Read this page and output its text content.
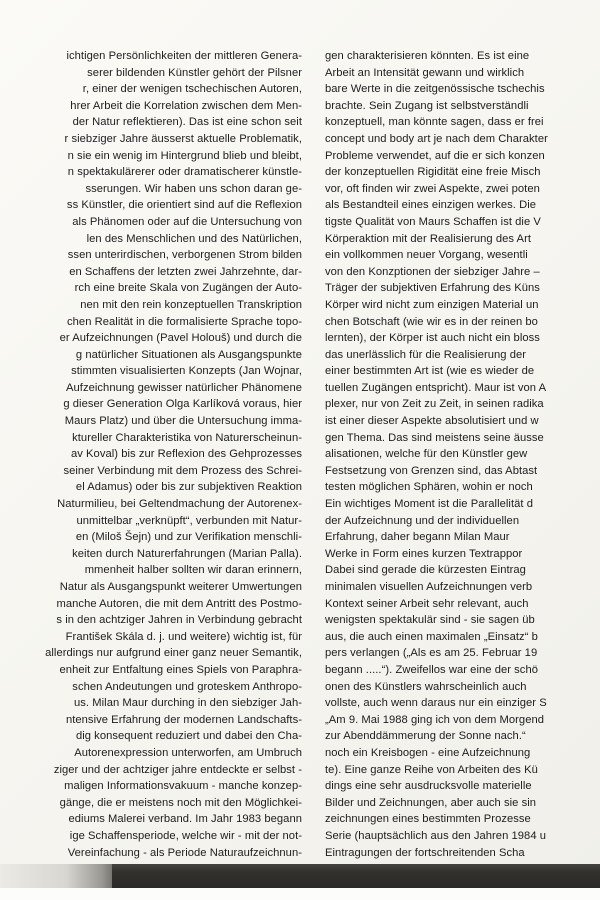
ichtigen Persönlichkeiten der mittleren Genera-
serer bildenden Künstler gehört der Pilsner
r, einer der wenigen tschechischen Autoren,
hrer Arbeit die Korrelation zwischen dem Men-
der Natur reflektieren). Das ist eine schon seit
r siebziger Jahre äusserst aktuelle Problematik,
n sie ein wenig im Hintergrund blieb und bleibt,
n spektakulärerer oder dramatischerer künstle-
sserungen. Wir haben uns schon daran ge-
ss Künstler, die orientiert sind auf die Reflexion
als Phänomen oder auf die Untersuchung von
len des Menschlichen und des Natürlichen,
ssen unterirdischen, verborgenen Strom bilden
en Schaffens der letzten zwei Jahrzehnte, dar-
rch eine breite Skala von Zugängen der Auto-
nen mit den rein konzeptuellen Transkription
chen Realität in die formalisierte Sprache topo-
er Aufzeichnungen (Pavel Holouš) und durch die
g natürlicher Situationen als Ausgangspunkte
stimmten visualisierten Konzepts (Jan Wojnar,
Aufzeichnung gewisser natürlicher Phänomene
g dieser Generation Olga Karlíková voraus, hier
Maurs Platz) und über die Untersuchung imma-
ktureller Charakteristika von Naturerscheinun-
av Koval) bis zur Reflexion des Gehprozesses
seiner Verbindung mit dem Prozess des Schrei-
el Adamus) oder bis zur subjektiven Reaktion
Naturmilieu, bei Geltendmachung der Autorenex-
unmittelbar „verknüpft“, verbunden mit Natur-
en (Miloš Šejn) und zur Verifikation menschli-
keiten durch Naturerfahrungen (Marian Palla).
mmenheit halber sollten wir daran erinnern,
Natur als Ausgangspunkt weiterer Umwertungen
manche Autoren, die mit dem Antritt des Postmo-
s in den achtziger Jahren in Verbindung gebracht
František Skála d. j. und weitere) wichtig ist, für
allerdings nur aufgrund einer ganz neuer Semantik,
enheit zur Entfaltung eines Spiels von Paraphra-
schen Andeutungen und groteskem Anthropo-
us. Milan Maur durching in den siebziger Jah-
ntensive Erfahrung der modernen Landschafts-
dig konsequent reduziert und dabei den Cha-
Autorenexpression unterworfen, am Umbruch
ziger und der achtziger jahre entdeckte er selbst -
maligen Informationsvakuum - manche konzep-
gänge, die er meistens noch mit den Möglichkei-
ediums Malerei verband. Im Jahr 1983 begann
ige Schaffensperiode, welche wir - mit der not-
Vereinfachung - als Periode Naturaufzeichnun-
gen charakterisieren könnten. Es ist eine
Arbeit an Intensität gewann und wirklich
bare Werte in die zeitgenössische tschechis
brachte. Sein Zugang ist selbstverständli
konzeptuell, man könnte sagen, dass er frei
concept und body art je nach dem Charakter
Probleme verwendet, auf die er sich konzen
der konzeptuellen Rigidität eine freie Misch
vor, oft finden wir zwei Aspekte, zwei poten
als Bestandteil eines einzigen werkes. Die
tigste Qualität von Maurs Schaffen ist die V
Körperaktion mit der Realisierung des Art
ein vollkommen neuer Vorgang, wesentli
von den Konzptionen der siebziger Jahre –
Träger der subjektiven Erfahrung des Küns
Körper wird nicht zum einzigen Material un
chen Botschaft (wie wir es in der reinen bo
lernten), der Körper ist auch nicht ein bloss
das unerlässlich für die Realisierung der
einer bestimmten Art ist (wie es wieder de
tuellen Zugängen entspricht). Maur ist von A
plexer, nur von Zeit zu Zeit, in seinen radika
ist einer dieser Aspekte absolutisiert und w
gen Thema. Das sind meistens seine äusse
alisationen, welche für den Künstler gew
Festsetzung von Grenzen sind, das Abtast
testen möglichen Sphären, wohin er noch
Ein wichtiges Moment ist die Parallelität d
der Aufzeichnung und der individuellen
Erfahrung, daher begann Milan Maur
Werke in Form eines kurzen Textrappor
Dabei sind gerade die kürzesten Eintrag
minimalen visuellen Aufzeichnungen verb
Kontext seiner Arbeit sehr relevant, auch
wenigsten spektakulär sind - sie sagen üb
aus, die auch einen maximalen „Einsatz“ b
pers verlangen („Als es am 25. Februar 19
begann .....“). Zweifellos war eine der schö
onen des Künstlers wahrscheinlich auch
vollste, auch wenn daraus nur ein einziger S
„Am 9. Mai 1988 ging ich von dem Morgend
zur Abenddämmerung der Sonne nach.“
noch ein Kreisbogen - eine Aufzeichnung
te). Eine ganze Reihe von Arbeiten des Kü
dings eine sehr ausdrucksvolle materielle
Bilder und Zeichnungen, aber auch sie sin
zeichnungen eines bestimmten Prozesse
Serie (hauptsächlich aus den Jahren 1984 u
Eintragungen der fortschreitenden Scha
